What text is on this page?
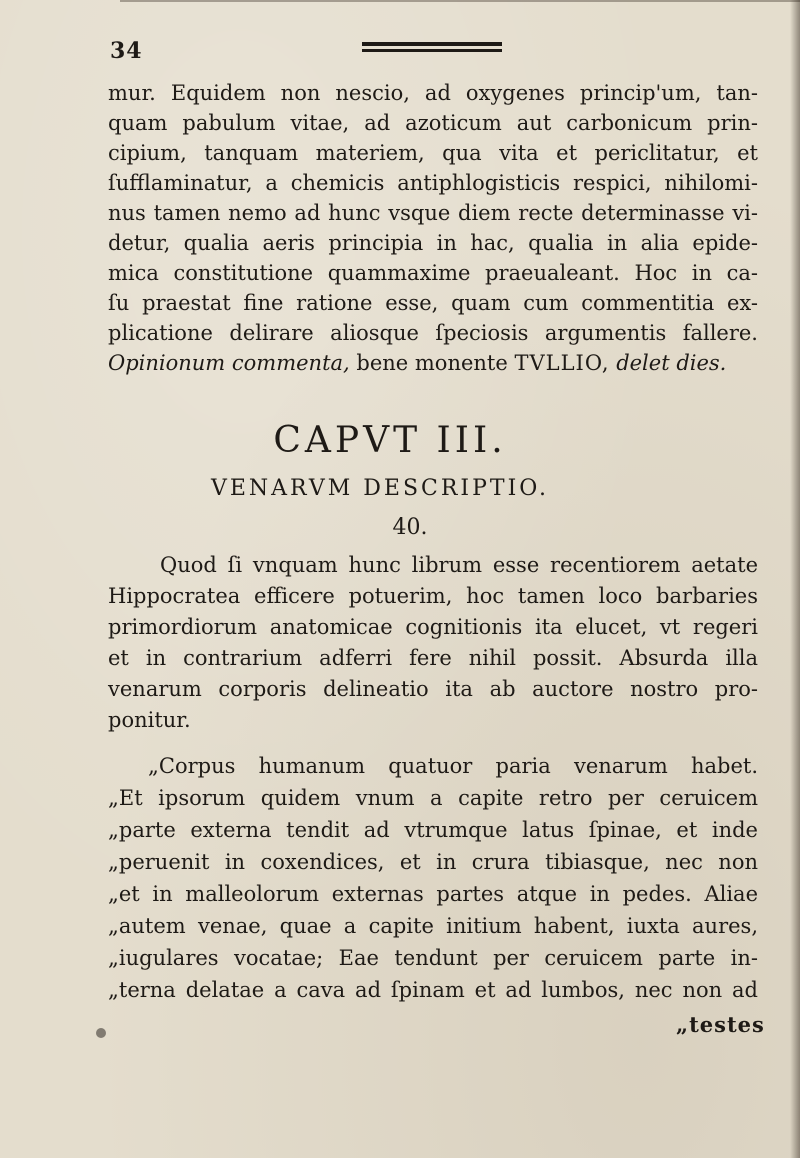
34
mur. Equidem non nescio, ad oxygenes princip'um, tan-
quam pabulum vitae, ad azoticum aut carbonicum prin-
cipium, tanquam materiem, qua vita et periclitatur, et
ſufflaminatur, a chemicis antiphlogisticis respici, nihilomi-
nus tamen nemo ad hunc vsque diem recte determinasse vi-
detur, qualia aeris principia in hac, qualia in alia epide-
mica constitutione quammaxime praeualeant. Hoc in ca-
ſu praestat fine ratione esse, quam cum commentitia ex-
plicatione delirare aliosque ſpeciosis argumentis fallere.
Opinionum commenta, bene monente TVLLIO, delet dies.
CAPVT III.
VENARVM DESCRIPTIO.
40.
Quod ſi vnquam hunc librum esse recentiorem aetate
Hippocratea efficere potuerim, hoc tamen loco barbaries
primordiorum anatomicae cognitionis ita elucet, vt regeri
et in contrarium adferri fere nihil possit. Absurda illa
venarum corporis delineatio ita ab auctore nostro pro-
ponitur.
„Corpus humanum quatuor paria venarum habet.
„Et ipsorum quidem vnum a capite retro per ceruicem
„parte externa tendit ad vtrumque latus ſpinae, et inde
„peruenit in coxendices, et in crura tibiasque, nec non
„et in malleolorum externas partes atque in pedes. Aliae
„autem venae, quae a capite initium habent, iuxta aures,
„iugulares vocatae; Eae tendunt per ceruicem parte in-
„terna delatae a cava ad ſpinam et ad lumbos, nec non ad
„testes
